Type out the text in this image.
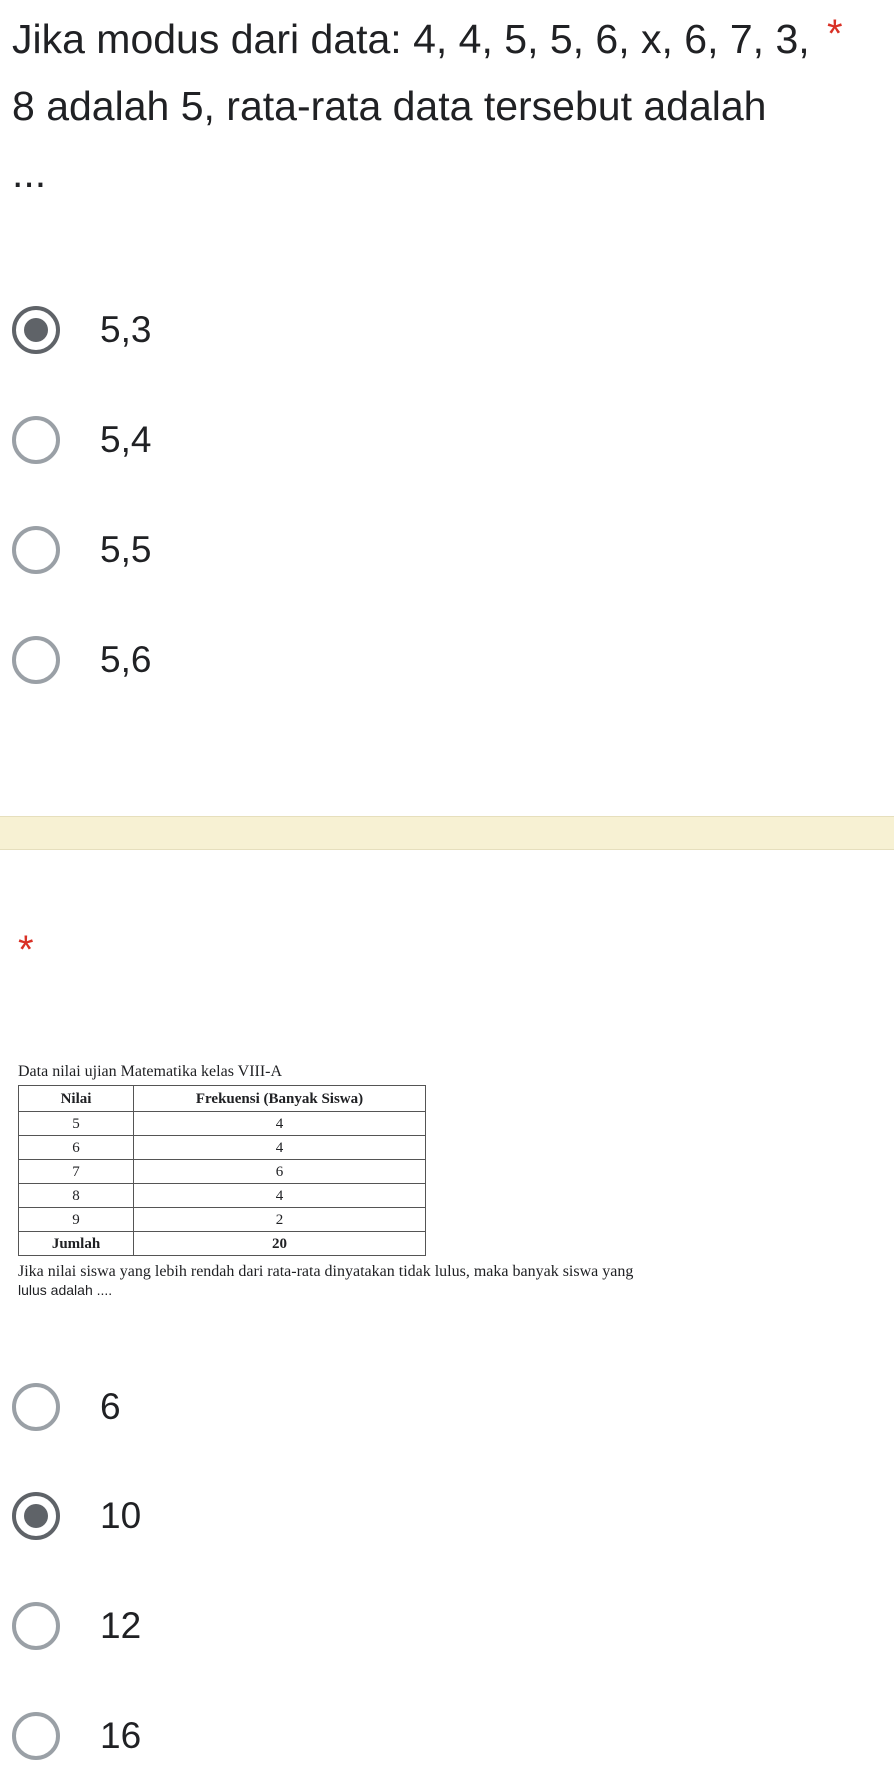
Jika modus dari data: 4, 4, 5, 5, 6, x, 6, 7, 3, 8 adalah 5, rata-rata data tersebut adalah ...
*
5,3
5,4
5,5
5,6
*

Data nilai ujian Matematika kelas VIII-A

Nilai	Frekuensi (Banyak Siswa)
5	4
6	4
7	6
8	4
9	2
Jumlah	20

Jika nilai siswa yang lebih rendah dari rata-rata dinyatakan tidak lulus, maka banyak siswa yang
lulus adalah ....

6
10
12
16
